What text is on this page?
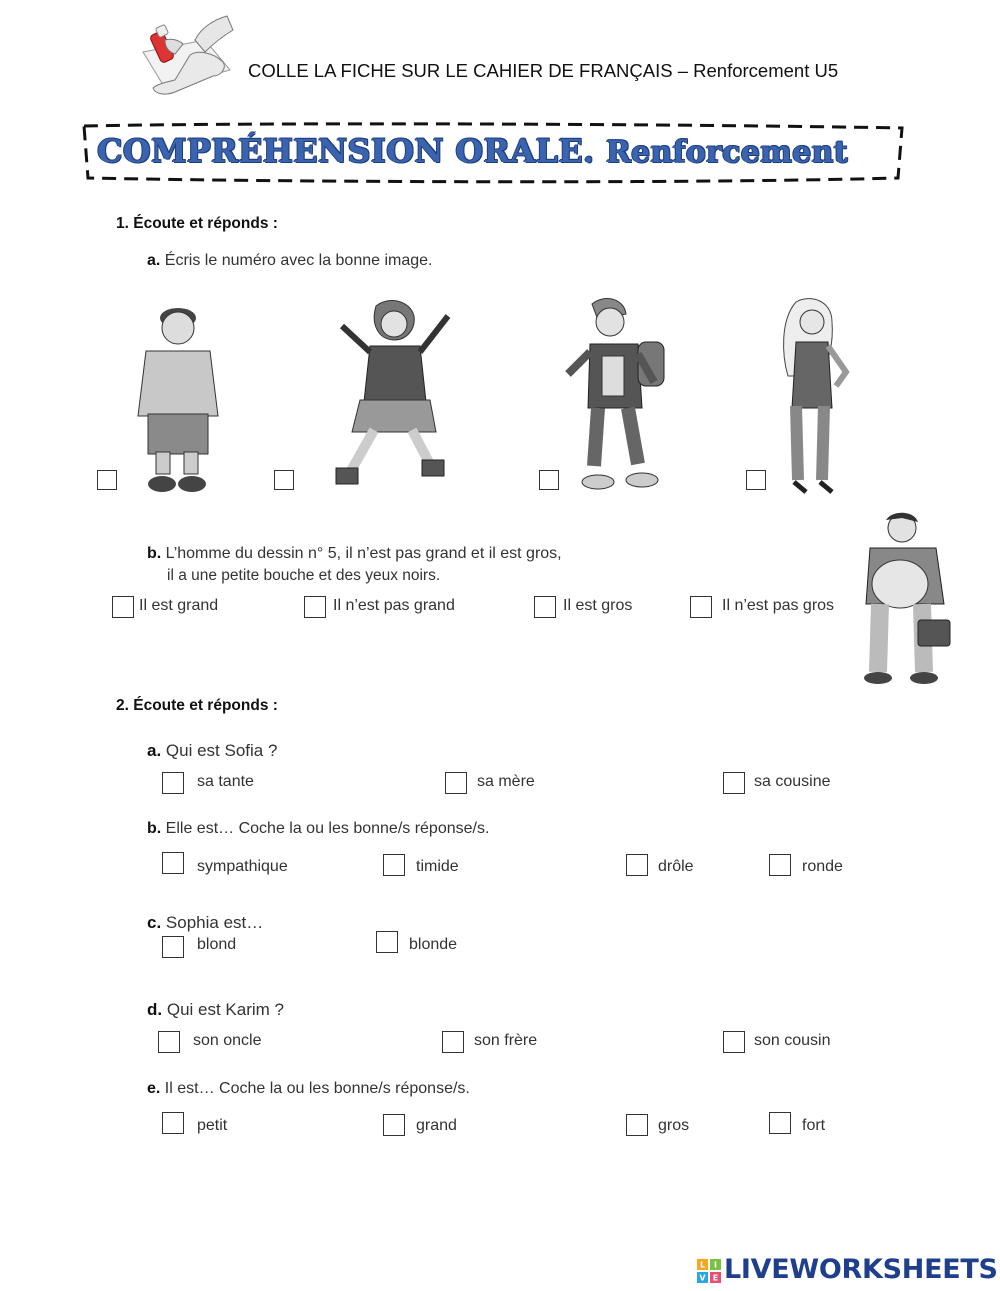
COLLE LA FICHE SUR LE CAHIER DE FRANÇAIS – Renforcement U5
COMPRÉHENSION ORALE. Renforcement
1. Écoute et réponds :
a. Écris le numéro avec la bonne image.
b. L’homme du dessin n° 5, il n’est pas grand et il est gros,
il a une petite bouche et des yeux noirs.
Il est grand	Il n’est pas grand	Il est gros	Il n’est pas gros
2. Écoute et réponds :
a. Qui est Sofia ?
sa tante	sa mère	sa cousine
b. Elle est… Coche la ou les bonne/s réponse/s.
sympathique	timide	drôle	ronde
c. Sophia est…
blond	blonde
d. Qui est Karim ?
son oncle	son frère	son cousin
e. Il est… Coche la ou les bonne/s réponse/s.
petit	grand	gros	fort
L I
V E LIVEWORKSHEETS
